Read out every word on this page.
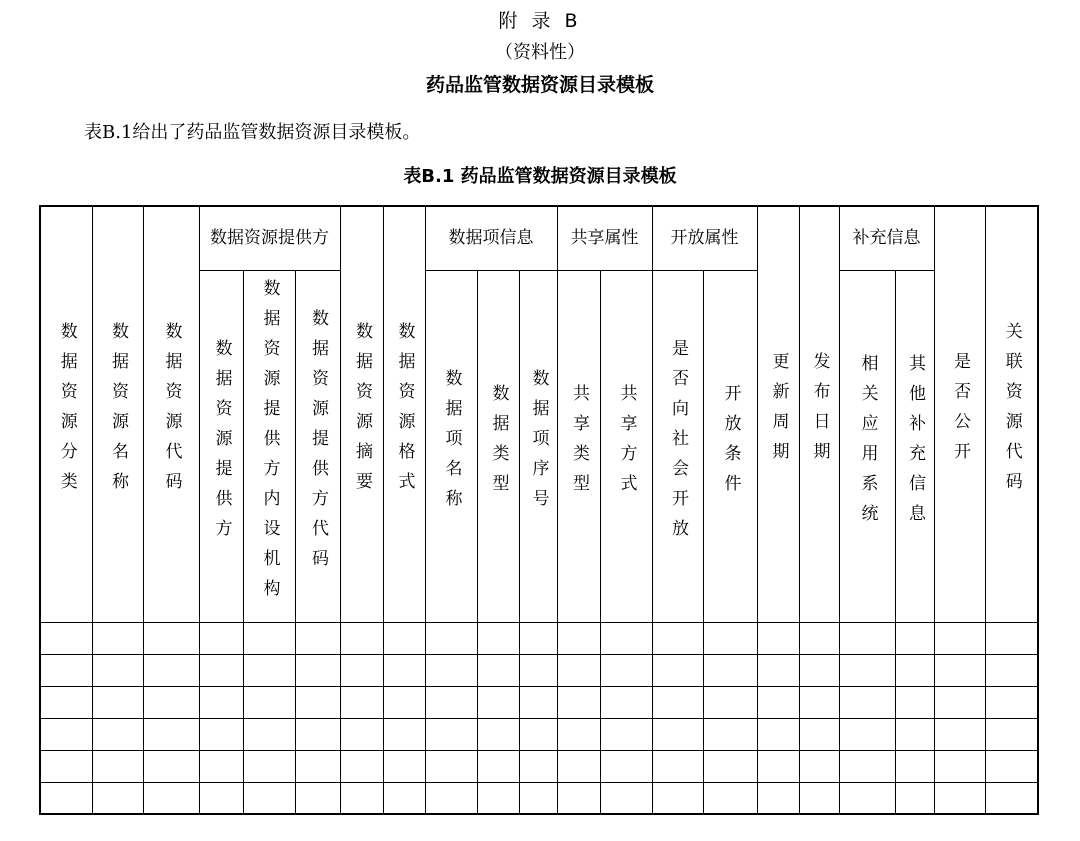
附 录 B
（资料性）
药品监管数据资源目录模板
表B.1给出了药品监管数据资源目录模板。
表B.1 药品监管数据资源目录模板
数据资源分类	数据资源名称	数据资源代码	数据资源提供方			数据资源摘要	数据资源格式	数据项信息			共享属性		开放属性		更新周期	发布日期	补充信息		是否公开	关联资源代码
			数据资源提供方	数据资源提供方内设机构	数据资源提供方代码			数据项名称	数据类型	数据项序号	共享类型	共享方式	是否向社会开放	开放条件			相关应用系统	其他补充信息		
